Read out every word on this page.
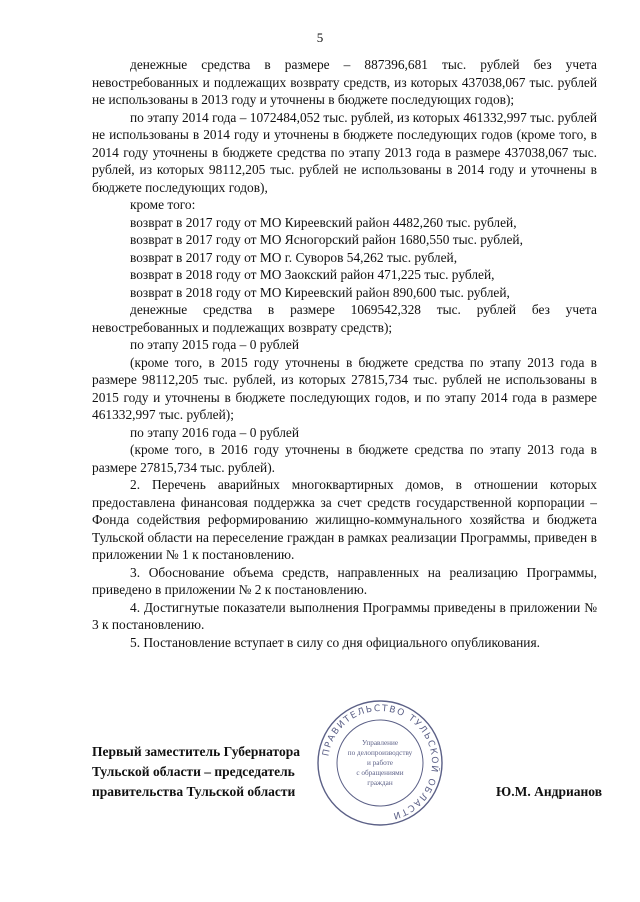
5

денежные средства в размере – 887396,681 тыс. рублей без учета невостребованных и подлежащих возврату средств, из которых 437038,067 тыс. рублей не использованы в 2013 году и уточнены в бюджете последующих годов);

по этапу 2014 года – 1072484,052 тыс. рублей, из которых 461332,997 тыс. рублей не использованы в 2014 году и уточнены в бюджете последующих годов (кроме того, в 2014 году уточнены в бюджете средства по этапу 2013 года в размере 437038,067 тыс. рублей, из которых 98112,205 тыс. рублей не использованы в 2014 году и уточнены в бюджете последующих годов),

кроме того:

возврат в 2017 году от МО Киреевский район 4482,260 тыс. рублей,

возврат в 2017 году от МО Ясногорский район 1680,550 тыс. рублей,

возврат в 2017 году от МО г. Суворов 54,262 тыс. рублей,

возврат в 2018 году от МО Заокский район 471,225 тыс. рублей,

возврат в 2018 году от МО Киреевский район 890,600 тыс. рублей,

денежные средства в размере 1069542,328 тыс. рублей без учета невостребованных и подлежащих возврату средств);

по этапу 2015 года – 0 рублей

(кроме того, в 2015 году уточнены в бюджете средства по этапу 2013 года в размере 98112,205 тыс. рублей, из которых 27815,734 тыс. рублей не использованы в 2015 году и уточнены в бюджете последующих годов, и по этапу 2014 года в размере 461332,997 тыс. рублей);

по этапу 2016 года – 0 рублей

(кроме того, в 2016 году уточнены в бюджете средства по этапу 2013 года в размере 27815,734 тыс. рублей).

2. Перечень аварийных многоквартирных домов, в отношении которых предоставлена финансовая поддержка за счет средств государственной корпорации – Фонда содействия реформированию жилищно-коммунального хозяйства и бюджета Тульской области на переселение граждан в рамках реализации Программы, приведен в приложении № 1 к постановлению.

3. Обоснование объема средств, направленных на реализацию Программы, приведено в приложении № 2 к постановлению.

4. Достигнутые показатели выполнения Программы приведены в приложении № 3 к постановлению.

5. Постановление вступает в силу со дня официального опубликования.

ПРАВИТЕЛЬСТВО ТУЛЬСКОЙ ОБЛАСТИ
Управление
по делопроизводству
и работе
с обращениями
граждан
Первый заместитель Губернатора
Тульской области – председатель
правительства Тульской области	Ю.М. Андрианов
